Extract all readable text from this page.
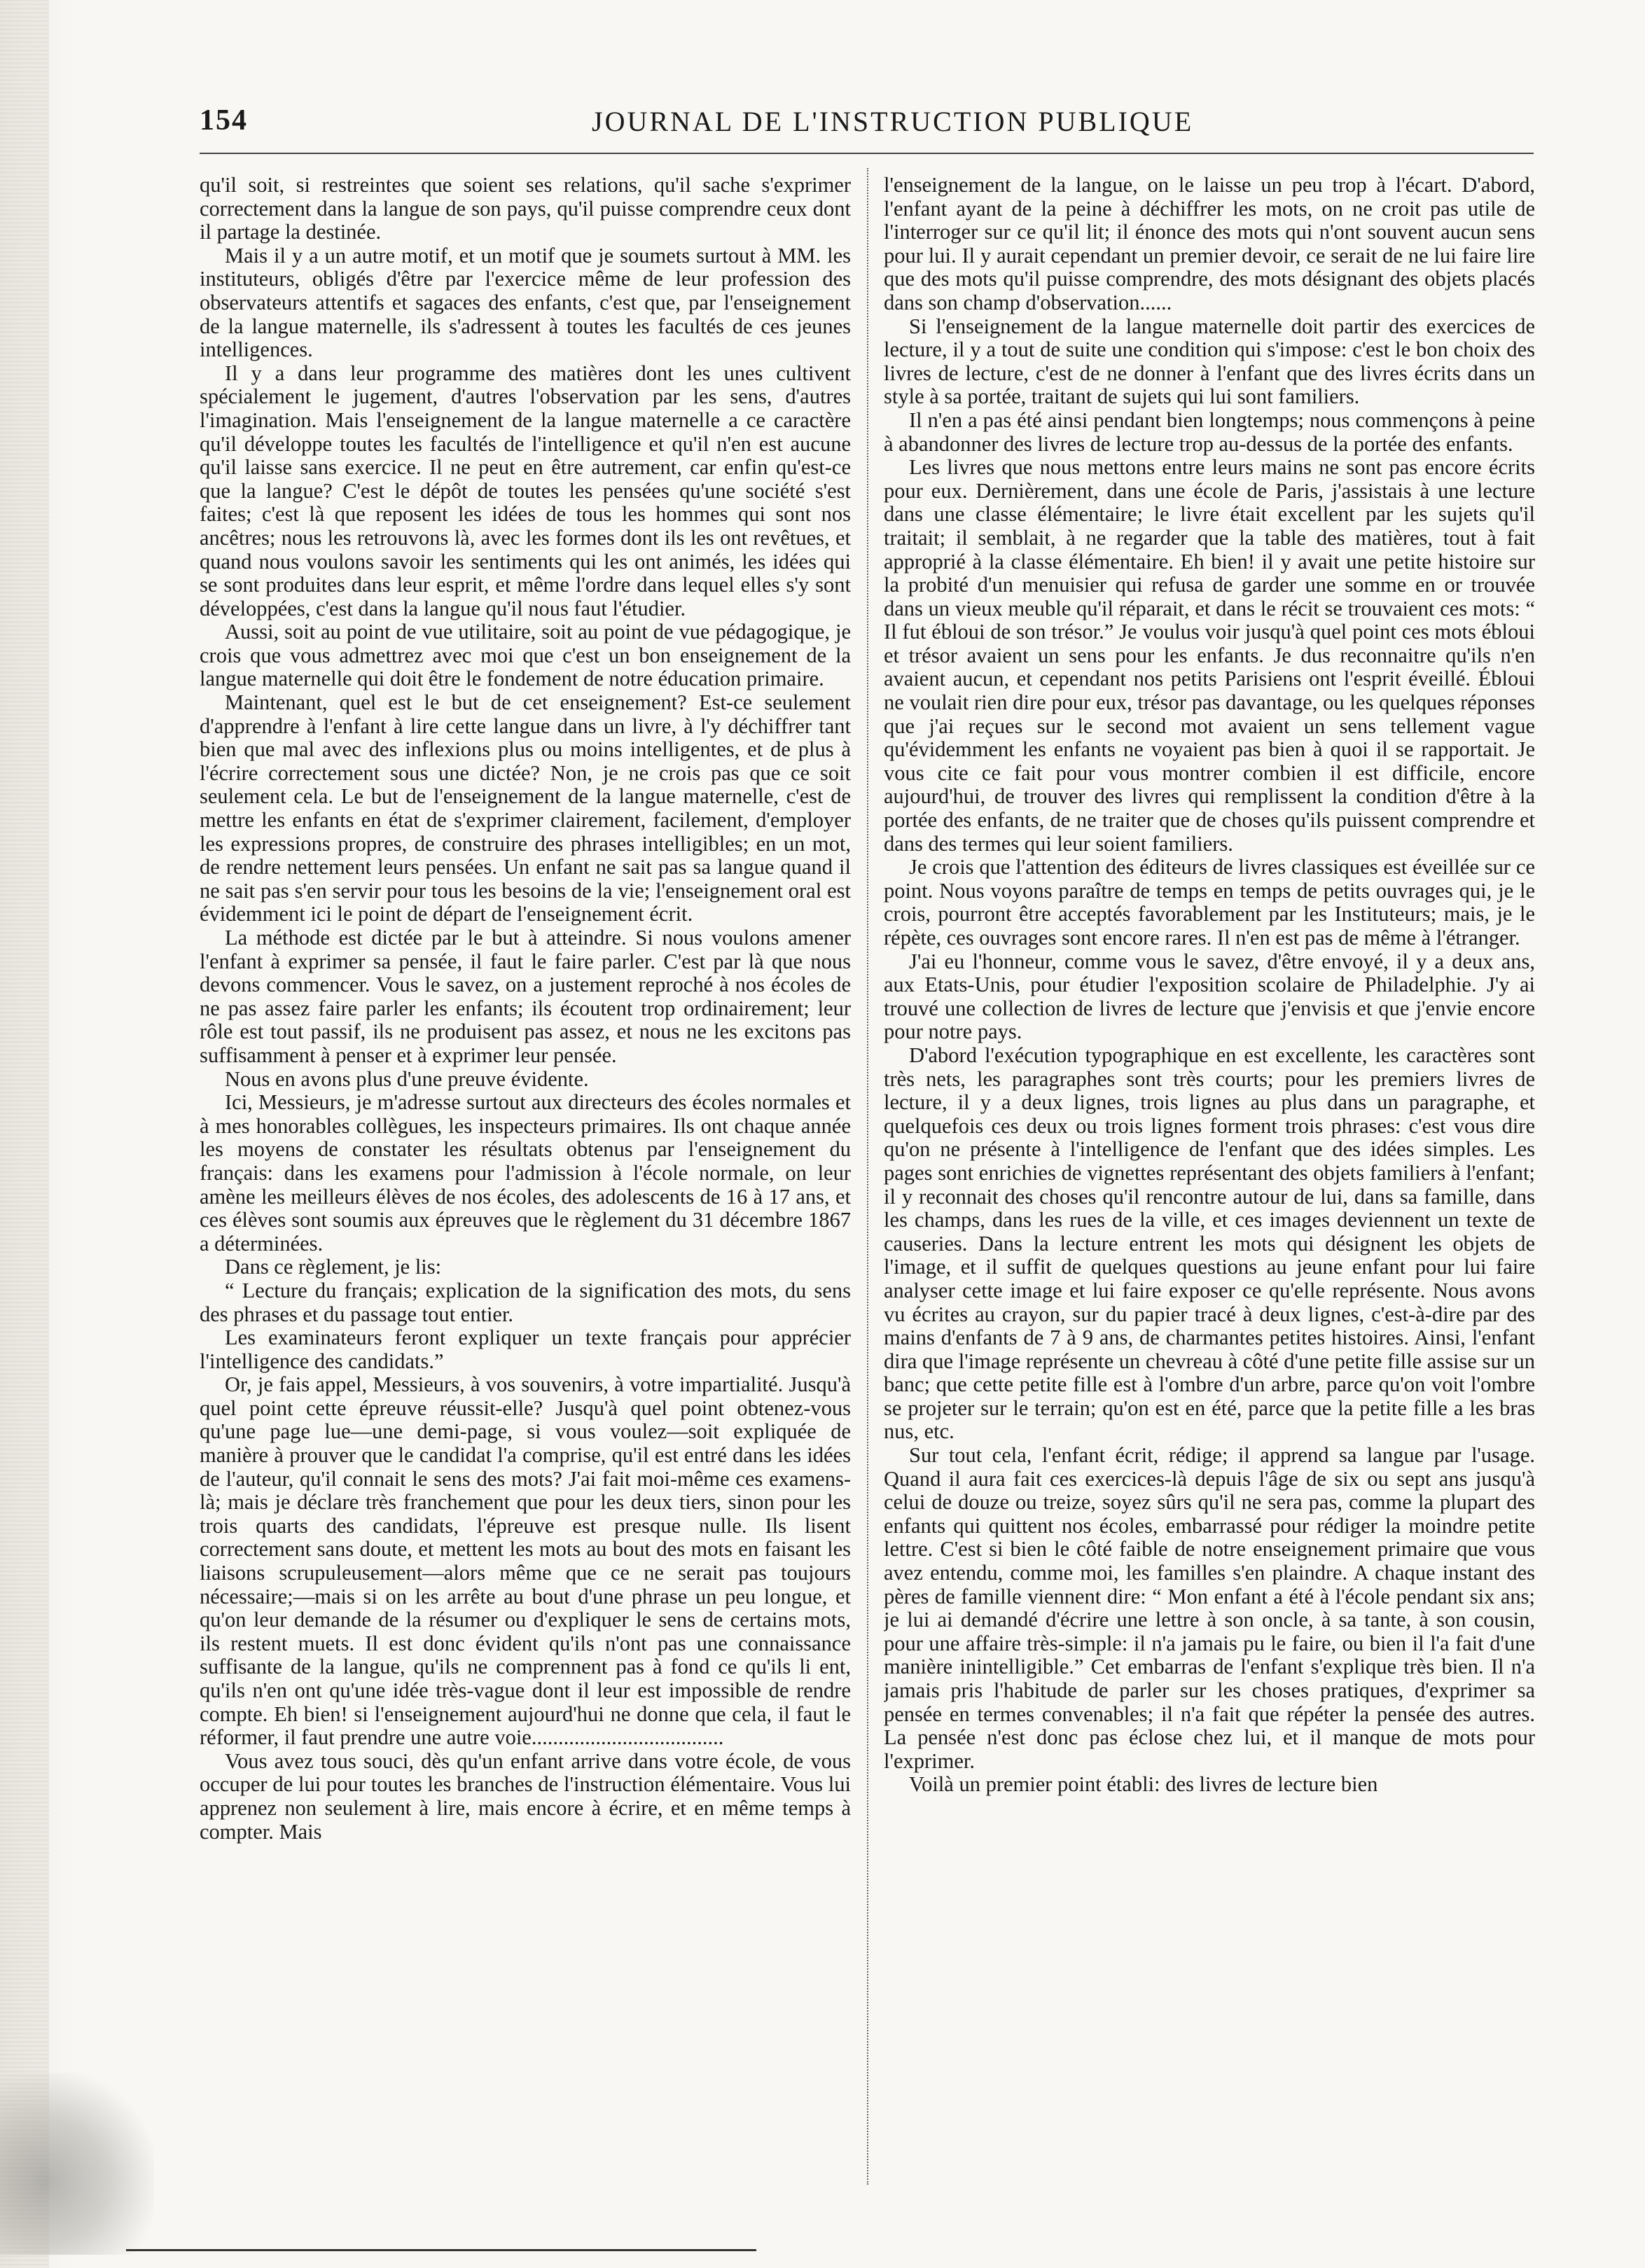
154	JOURNAL DE L'INSTRUCTION PUBLIQUE

qu'il soit, si restreintes que soient ses relations, qu'il sache s'exprimer correctement dans la langue de son pays, qu'il puisse comprendre ceux dont il partage la destinée.

Mais il y a un autre motif, et un motif que je soumets surtout à MM. les instituteurs, obligés d'être par l'exercice même de leur profession des observateurs attentifs et sagaces des enfants, c'est que, par l'enseignement de la langue maternelle, ils s'adressent à toutes les facultés de ces jeunes intelligences.

Il y a dans leur programme des matières dont les unes cultivent spécialement le jugement, d'autres l'observation par les sens, d'autres l'imagination. Mais l'enseignement de la langue maternelle a ce caractère qu'il développe toutes les facultés de l'intelligence et qu'il n'en est aucune qu'il laisse sans exercice. Il ne peut en être autrement, car enfin qu'est-ce que la langue? C'est le dépôt de toutes les pensées qu'une société s'est faites; c'est là que reposent les idées de tous les hommes qui sont nos ancêtres; nous les retrouvons là, avec les formes dont ils les ont revêtues, et quand nous voulons savoir les sentiments qui les ont animés, les idées qui se sont produites dans leur esprit, et même l'ordre dans lequel elles s'y sont développées, c'est dans la langue qu'il nous faut l'étudier.

Aussi, soit au point de vue utilitaire, soit au point de vue pédagogique, je crois que vous admettrez avec moi que c'est un bon enseignement de la langue maternelle qui doit être le fondement de notre éducation primaire.

Maintenant, quel est le but de cet enseignement? Est-ce seulement d'apprendre à l'enfant à lire cette langue dans un livre, à l'y déchiffrer tant bien que mal avec des inflexions plus ou moins intelligentes, et de plus à l'écrire correctement sous une dictée? Non, je ne crois pas que ce soit seulement cela. Le but de l'enseignement de la langue maternelle, c'est de mettre les enfants en état de s'exprimer clairement, facilement, d'employer les expressions propres, de construire des phrases intelligibles; en un mot, de rendre nettement leurs pensées. Un enfant ne sait pas sa langue quand il ne sait pas s'en servir pour tous les besoins de la vie; l'enseignement oral est évidemment ici le point de départ de l'enseignement écrit.

La méthode est dictée par le but à atteindre. Si nous voulons amener l'enfant à exprimer sa pensée, il faut le faire parler. C'est par là que nous devons commencer. Vous le savez, on a justement reproché à nos écoles de ne pas assez faire parler les enfants; ils écoutent trop ordinairement; leur rôle est tout passif, ils ne produisent pas assez, et nous ne les excitons pas suffisamment à penser et à exprimer leur pensée.

Nous en avons plus d'une preuve évidente.

Ici, Messieurs, je m'adresse surtout aux directeurs des écoles normales et à mes honorables collègues, les inspecteurs primaires. Ils ont chaque année les moyens de constater les résultats obtenus par l'enseignement du français: dans les examens pour l'admission à l'école normale, on leur amène les meilleurs élèves de nos écoles, des adolescents de 16 à 17 ans, et ces élèves sont soumis aux épreuves que le règlement du 31 décembre 1867 a déterminées.

Dans ce règlement, je lis:

“ Lecture du français; explication de la signification des mots, du sens des phrases et du passage tout entier.

Les examinateurs feront expliquer un texte français pour apprécier l'intelligence des candidats.”

Or, je fais appel, Messieurs, à vos souvenirs, à votre impartialité. Jusqu'à quel point cette épreuve réussit-elle? Jusqu'à quel point obtenez-vous qu'une page lue—une demi-page, si vous voulez—soit expliquée de manière à prouver que le candidat l'a comprise, qu'il est entré dans les idées de l'auteur, qu'il connait le sens des mots? J'ai fait moi-même ces examens-là; mais je déclare très franchement que pour les deux tiers, sinon pour les trois quarts des candidats, l'épreuve est presque nulle. Ils lisent correctement sans doute, et mettent les mots au bout des mots en faisant les liaisons scrupuleusement—alors même que ce ne serait pas toujours nécessaire;—mais si on les arrête au bout d'une phrase un peu longue, et qu'on leur demande de la résumer ou d'expliquer le sens de certains mots, ils restent muets. Il est donc évident qu'ils n'ont pas une connaissance suffisante de la langue, qu'ils ne comprennent pas à fond ce qu'ils li ent, qu'ils n'en ont qu'une idée très-vague dont il leur est impossible de rendre compte. Eh bien! si l'enseignement aujourd'hui ne donne que cela, il faut le réformer, il faut prendre une autre voie....................................

Vous avez tous souci, dès qu'un enfant arrive dans votre école, de vous occuper de lui pour toutes les branches de l'instruction élémentaire. Vous lui apprenez non seulement à lire, mais encore à écrire, et en même temps à compter. Mais

l'enseignement de la langue, on le laisse un peu trop à l'écart. D'abord, l'enfant ayant de la peine à déchiffrer les mots, on ne croit pas utile de l'interroger sur ce qu'il lit; il énonce des mots qui n'ont souvent aucun sens pour lui. Il y aurait cependant un premier devoir, ce serait de ne lui faire lire que des mots qu'il puisse comprendre, des mots désignant des objets placés dans son champ d'observation......

Si l'enseignement de la langue maternelle doit partir des exercices de lecture, il y a tout de suite une condition qui s'impose: c'est le bon choix des livres de lecture, c'est de ne donner à l'enfant que des livres écrits dans un style à sa portée, traitant de sujets qui lui sont familiers.

Il n'en a pas été ainsi pendant bien longtemps; nous commençons à peine à abandonner des livres de lecture trop au-dessus de la portée des enfants.

Les livres que nous mettons entre leurs mains ne sont pas encore écrits pour eux. Dernièrement, dans une école de Paris, j'assistais à une lecture dans une classe élémentaire; le livre était excellent par les sujets qu'il traitait; il semblait, à ne regarder que la table des matières, tout à fait approprié à la classe élémentaire. Eh bien! il y avait une petite histoire sur la probité d'un menuisier qui refusa de garder une somme en or trouvée dans un vieux meuble qu'il réparait, et dans le récit se trouvaient ces mots: “ Il fut ébloui de son trésor.” Je voulus voir jusqu'à quel point ces mots ébloui et trésor avaient un sens pour les enfants. Je dus reconnaitre qu'ils n'en avaient aucun, et cependant nos petits Parisiens ont l'esprit éveillé. Ébloui ne voulait rien dire pour eux, trésor pas davantage, ou les quelques réponses que j'ai reçues sur le second mot avaient un sens tellement vague qu'évidemment les enfants ne voyaient pas bien à quoi il se rapportait. Je vous cite ce fait pour vous montrer combien il est difficile, encore aujourd'hui, de trouver des livres qui remplissent la condition d'être à la portée des enfants, de ne traiter que de choses qu'ils puissent comprendre et dans des termes qui leur soient familiers.

Je crois que l'attention des éditeurs de livres classiques est éveillée sur ce point. Nous voyons paraître de temps en temps de petits ouvrages qui, je le crois, pourront être acceptés favorablement par les Instituteurs; mais, je le répète, ces ouvrages sont encore rares. Il n'en est pas de même à l'étranger.

J'ai eu l'honneur, comme vous le savez, d'être envoyé, il y a deux ans, aux Etats-Unis, pour étudier l'exposition scolaire de Philadelphie. J'y ai trouvé une collection de livres de lecture que j'envisis et que j'envie encore pour notre pays.

D'abord l'exécution typographique en est excellente, les caractères sont très nets, les paragraphes sont très courts; pour les premiers livres de lecture, il y a deux lignes, trois lignes au plus dans un paragraphe, et quelquefois ces deux ou trois lignes forment trois phrases: c'est vous dire qu'on ne présente à l'intelligence de l'enfant que des idées simples. Les pages sont enrichies de vignettes représentant des objets familiers à l'enfant; il y reconnait des choses qu'il rencontre autour de lui, dans sa famille, dans les champs, dans les rues de la ville, et ces images deviennent un texte de causeries. Dans la lecture entrent les mots qui désignent les objets de l'image, et il suffit de quelques questions au jeune enfant pour lui faire analyser cette image et lui faire exposer ce qu'elle représente. Nous avons vu écrites au crayon, sur du papier tracé à deux lignes, c'est-à-dire par des mains d'enfants de 7 à 9 ans, de charmantes petites histoires. Ainsi, l'enfant dira que l'image représente un chevreau à côté d'une petite fille assise sur un banc; que cette petite fille est à l'ombre d'un arbre, parce qu'on voit l'ombre se projeter sur le terrain; qu'on est en été, parce que la petite fille a les bras nus, etc.

Sur tout cela, l'enfant écrit, rédige; il apprend sa langue par l'usage. Quand il aura fait ces exercices-là depuis l'âge de six ou sept ans jusqu'à celui de douze ou treize, soyez sûrs qu'il ne sera pas, comme la plupart des enfants qui quittent nos écoles, embarrassé pour rédiger la moindre petite lettre. C'est si bien le côté faible de notre enseignement primaire que vous avez entendu, comme moi, les familles s'en plaindre. A chaque instant des pères de famille viennent dire: “ Mon enfant a été à l'école pendant six ans; je lui ai demandé d'écrire une lettre à son oncle, à sa tante, à son cousin, pour une affaire très-simple: il n'a jamais pu le faire, ou bien il l'a fait d'une manière inintelligible.” Cet embarras de l'enfant s'explique très bien. Il n'a jamais pris l'habitude de parler sur les choses pratiques, d'exprimer sa pensée en termes convenables; il n'a fait que répéter la pensée des autres. La pensée n'est donc pas éclose chez lui, et il manque de mots pour l'exprimer.

Voilà un premier point établi: des livres de lecture bien
